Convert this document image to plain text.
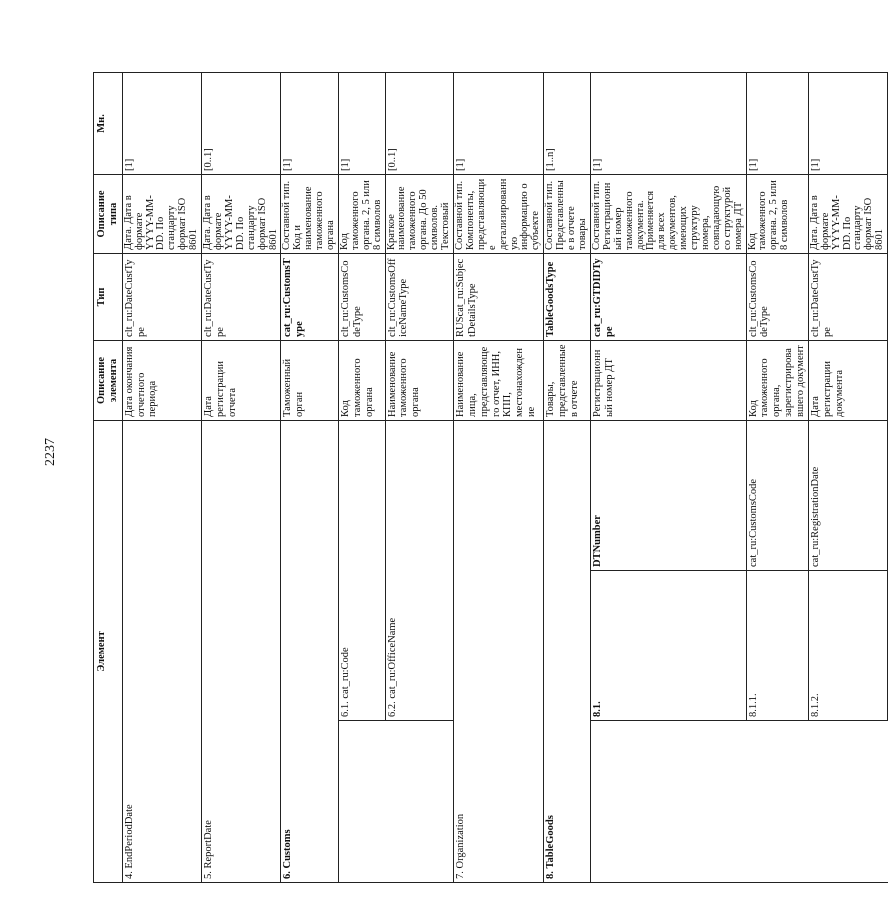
2237
Элемент			Описание элемента	Тип	Описание типа	Мн.
4. EndPeriodDate			Дата окончания отчетного периода	clt_ru:DateCustType	Дата. Дата в формате YYYY-MM-DD. По стандарту формат ISO 8601	[1]
5. ReportDate			Дата регистрации отчета	clt_ru:DateCustType	Дата. Дата в формате YYYY-MM-DD. По стандарту формат ISO 8601	[0..1]
6. Customs			Таможенный орган	cat_ru:CustomsType	Составной тип. Код и наименование таможенного органа	[1]
	6.1. cat_ru:Code		Код таможенного органа	clt_ru:CustomsCodeType	Код таможенного органа. 2, 5 или 8 символов	[1]
	6.2. cat_ru:OfficeName		Наименование таможенного органа	clt_ru:CustomsOfficeNameType	Краткое наименование таможенного органа. До 50 символов. Текстовый	[0..1]
7. Organization			Наименование лица, представляющего отчет, ИНН, КПП, местонахождение	RUScat_ru:SubjectDetailsType	Составной тип. Компоненты, представляющие детализированную информацию о субъекте	[1]
8. TableGoods			Товары, представленные в отчете	TableGoodsType	Составной тип. Представленные в отчете товары	[1..n]
	8.1.	DTNumber	Регистрационный номер ДТ	cat_ru:GTDIDType	Составной тип. Регистрационный номер таможенного документа. Применяется для всех документов, имеющих структуру номера, совпадающую со структурой номера ДТ	[1]
	8.1.1.	cat_ru:CustomsCode	Код таможенного органа, зарегистрировавшего документ	clt_ru:CustomsCodeType	Код таможенного органа. 2, 5 или 8 символов	[1]
	8.1.2.	cat_ru:RegistrationDate	Дата регистрации документа	clt_ru:DateCustType	Дата. Дата в формате YYYY-MM-DD. По стандарту формат ISO 8601	[1]
